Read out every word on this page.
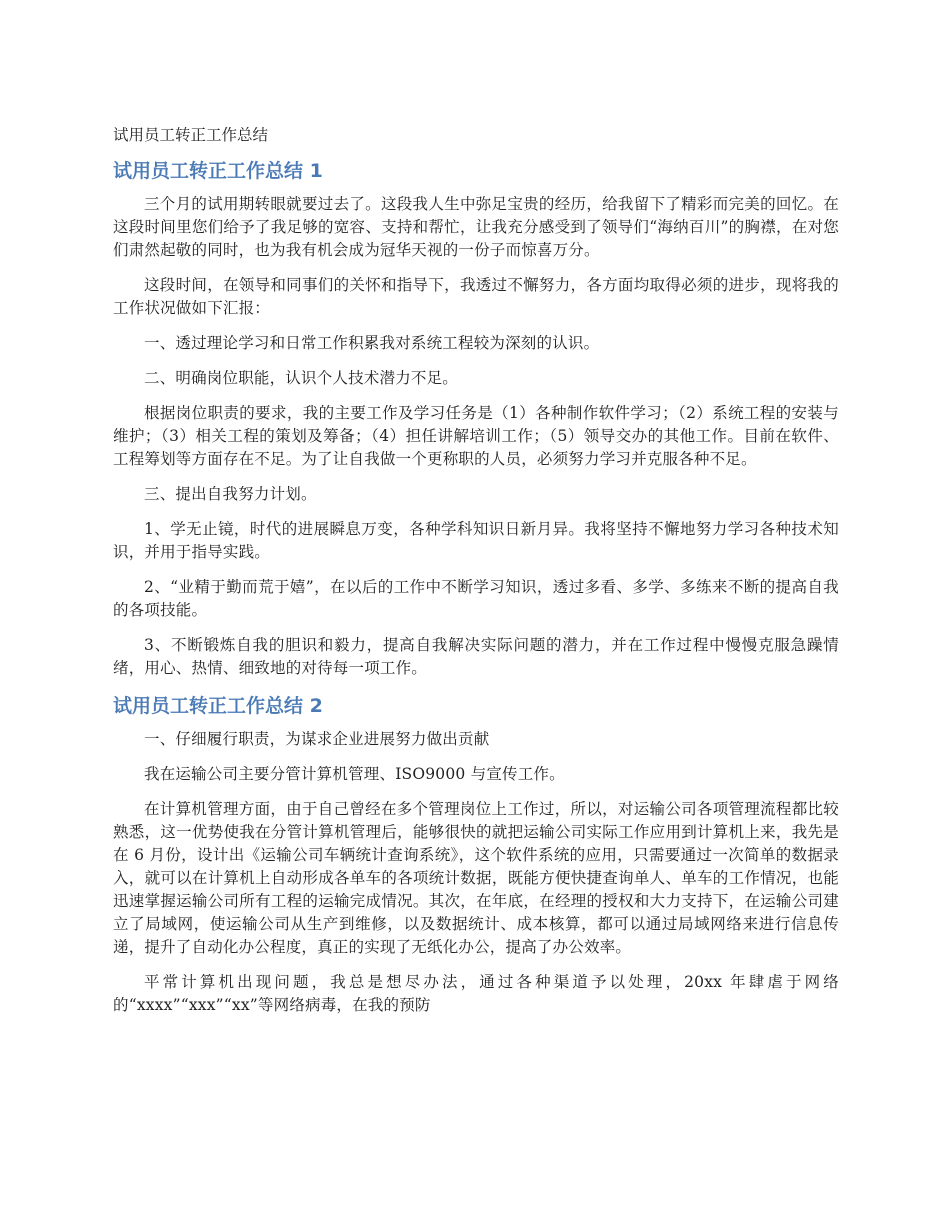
试用员工转正工作总结
试用员工转正工作总结 1

三个月的试用期转眼就要过去了。这段我人生中弥足宝贵的经历，给我留下了精彩而完美的回忆。在这段时间里您们给予了我足够的宽容、支持和帮忙，让我充分感受到了领导们“海纳百川”的胸襟，在对您们肃然起敬的同时，也为我有机会成为冠华天视的一份子而惊喜万分。

这段时间，在领导和同事们的关怀和指导下，我透过不懈努力，各方面均取得必须的进步，现将我的工作状况做如下汇报：

一、透过理论学习和日常工作积累我对系统工程较为深刻的认识。

二、明确岗位职能，认识个人技术潜力不足。

根据岗位职责的要求，我的主要工作及学习任务是（1）各种制作软件学习；（2）系统工程的安装与维护；（3）相关工程的策划及筹备；（4）担任讲解培训工作；（5）领导交办的其他工作。目前在软件、工程筹划等方面存在不足。为了让自我做一个更称职的人员，必须努力学习并克服各种不足。

三、提出自我努力计划。

1、学无止镜，时代的进展瞬息万变，各种学科知识日新月异。我将坚持不懈地努力学习各种技术知识，并用于指导实践。

2、“业精于勤而荒于嬉”，在以后的工作中不断学习知识，透过多看、多学、多练来不断的提高自我的各项技能。

3、不断锻炼自我的胆识和毅力，提高自我解决实际问题的潜力，并在工作过程中慢慢克服急躁情绪，用心、热情、细致地的对待每一项工作。

试用员工转正工作总结 2

一、仔细履行职责，为谋求企业进展努力做出贡献

我在运输公司主要分管计算机管理、ISO9000 与宣传工作。

在计算机管理方面，由于自己曾经在多个管理岗位上工作过，所以，对运输公司各项管理流程都比较熟悉，这一优势使我在分管计算机管理后，能够很快的就把运输公司实际工作应用到计算机上来，我先是在 6 月份，设计出《运输公司车辆统计查询系统》，这个软件系统的应用，只需要通过一次简单的数据录入，就可以在计算机上自动形成各单车的各项统计数据，既能方便快捷查询单人、单车的工作情况，也能迅速掌握运输公司所有工程的运输完成情况。其次，在年底，在经理的授权和大力支持下，在运输公司建立了局域网，使运输公司从生产到维修，以及数据统计、成本核算，都可以通过局域网络来进行信息传递，提升了自动化办公程度，真正的实现了无纸化办公，提高了办公效率。

平常计算机出现问题，我总是想尽办法，通过各种渠道予以处理，20xx 年肆虐于网络的“xxxx”“xxx”“xx”等网络病毒，在我的预防
